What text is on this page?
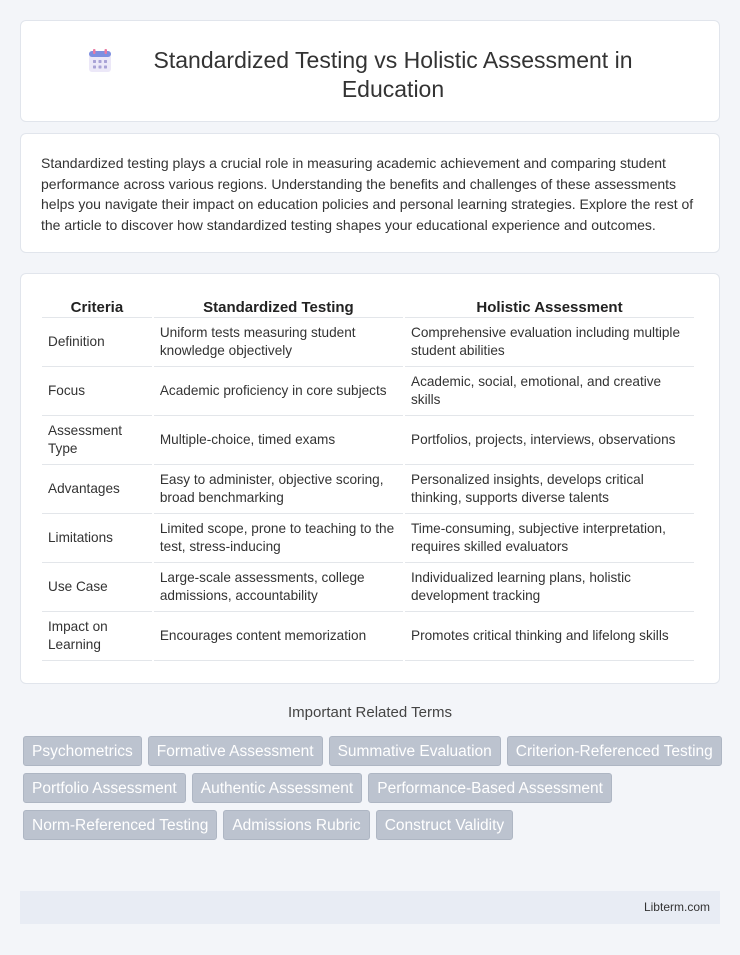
Standardized Testing vs Holistic Assessment in Education

Standardized testing plays a crucial role in measuring academic achievement and comparing student performance across various regions. Understanding the benefits and challenges of these assessments helps you navigate their impact on education policies and personal learning strategies. Explore the rest of the article to discover how standardized testing shapes your educational experience and outcomes.

Criteria	Standardized Testing	Holistic Assessment
Definition	Uniform tests measuring student knowledge objectively	Comprehensive evaluation including multiple student abilities
Focus	Academic proficiency in core subjects	Academic, social, emotional, and creative skills
Assessment Type	Multiple-choice, timed exams	Portfolios, projects, interviews, observations
Advantages	Easy to administer, objective scoring, broad benchmarking	Personalized insights, develops critical thinking, supports diverse talents
Limitations	Limited scope, prone to teaching to the test, stress-inducing	Time-consuming, subjective interpretation, requires skilled evaluators
Use Case	Large-scale assessments, college admissions, accountability	Individualized learning plans, holistic development tracking
Impact on Learning	Encourages content memorization	Promotes critical thinking and lifelong skills
Important Related Terms
Psychometrics	Formative Assessment	Summative Evaluation	Criterion-Referenced Testing
Portfolio Assessment	Authentic Assessment	Performance-Based Assessment
Norm-Referenced Testing	Admissions Rubric	Construct Validity
Libterm.com
